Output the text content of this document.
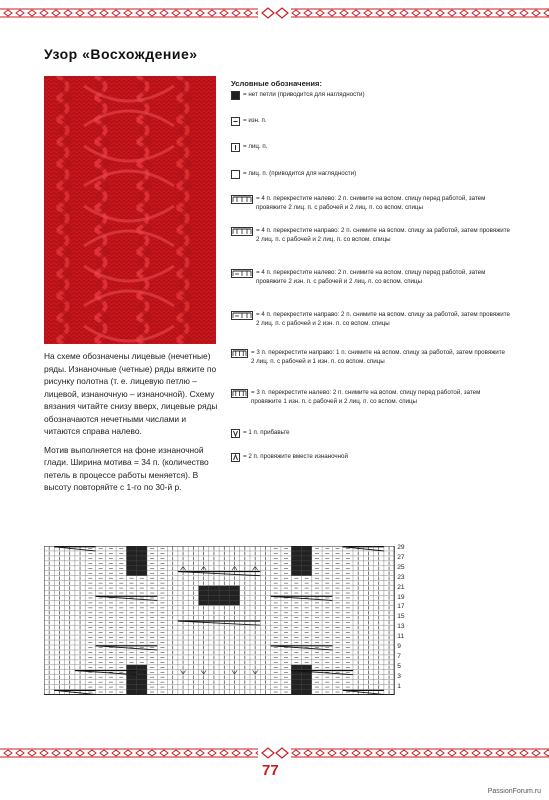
Узор «Восхождение»

На схеме обозначены лицевые (нечетные) ряды. Изнаночные (четные) ряды вяжите по рисунку полотна (т. е. лицевую петлю – лицевой, изнаночную – изнаночной). Схему вязания читайте снизу вверх, лицевые ряды обозначаются нечетными числами и читаются справа налево.

Мотив выполняется на фоне изнаночной глади. Ширина мотива = 34 п. (количество петель в процессе работы меняется). В высоту повторяйте с 1-го по 30-й р.

Условные обозначения:
= нет петли (приводится для наглядности)
= изн. п.
= лиц. п.
= лиц. п. (приводится для наглядности)
= 4 п. перекрестите налево: 2 п. снимите на вспом. спицу перед работой, затем провяжите 2 лиц. п. с рабочей и 2 лиц. п. со вспом. спицы
= 4 п. перекрестите направо: 2 п. снимите на вспом. спицу за работой, затем провяжите 2 лиц. п. с рабочей и 2 лиц. п. со вспом. спицы
= 4 п. перекрестите налево: 2 п. снимите на вспом. спицу перед работой, затем провяжите 2 изн. п. с рабочей и 2 лиц. п. со вспом. спицы
= 4 п. перекрестите направо: 2 п. снимите на вспом. спицу за работой, затем провяжите 2 лиц. п. с рабочей и 2 изн. п. со вспом. спицы
= 3 п. перекрестите направо: 1 п. снимите на вспом. спицу за работой, затем провяжите 2 лиц. п. с рабочей и 1 изн. п. со вспом. спицы
= 3 п. перекрестите налево: 2 п. снимите на вспом. спицу перед работой, затем провяжите 1 изн. п. с рабочей и 2 лиц. п. со вспом. спицы
= 1 п. прибавьте
= 2 п. провяжите вместе изнаночной
29
27
25
23
21
19
17
15
13
11
9
7
5
3
1
77
PassionForum.ru
